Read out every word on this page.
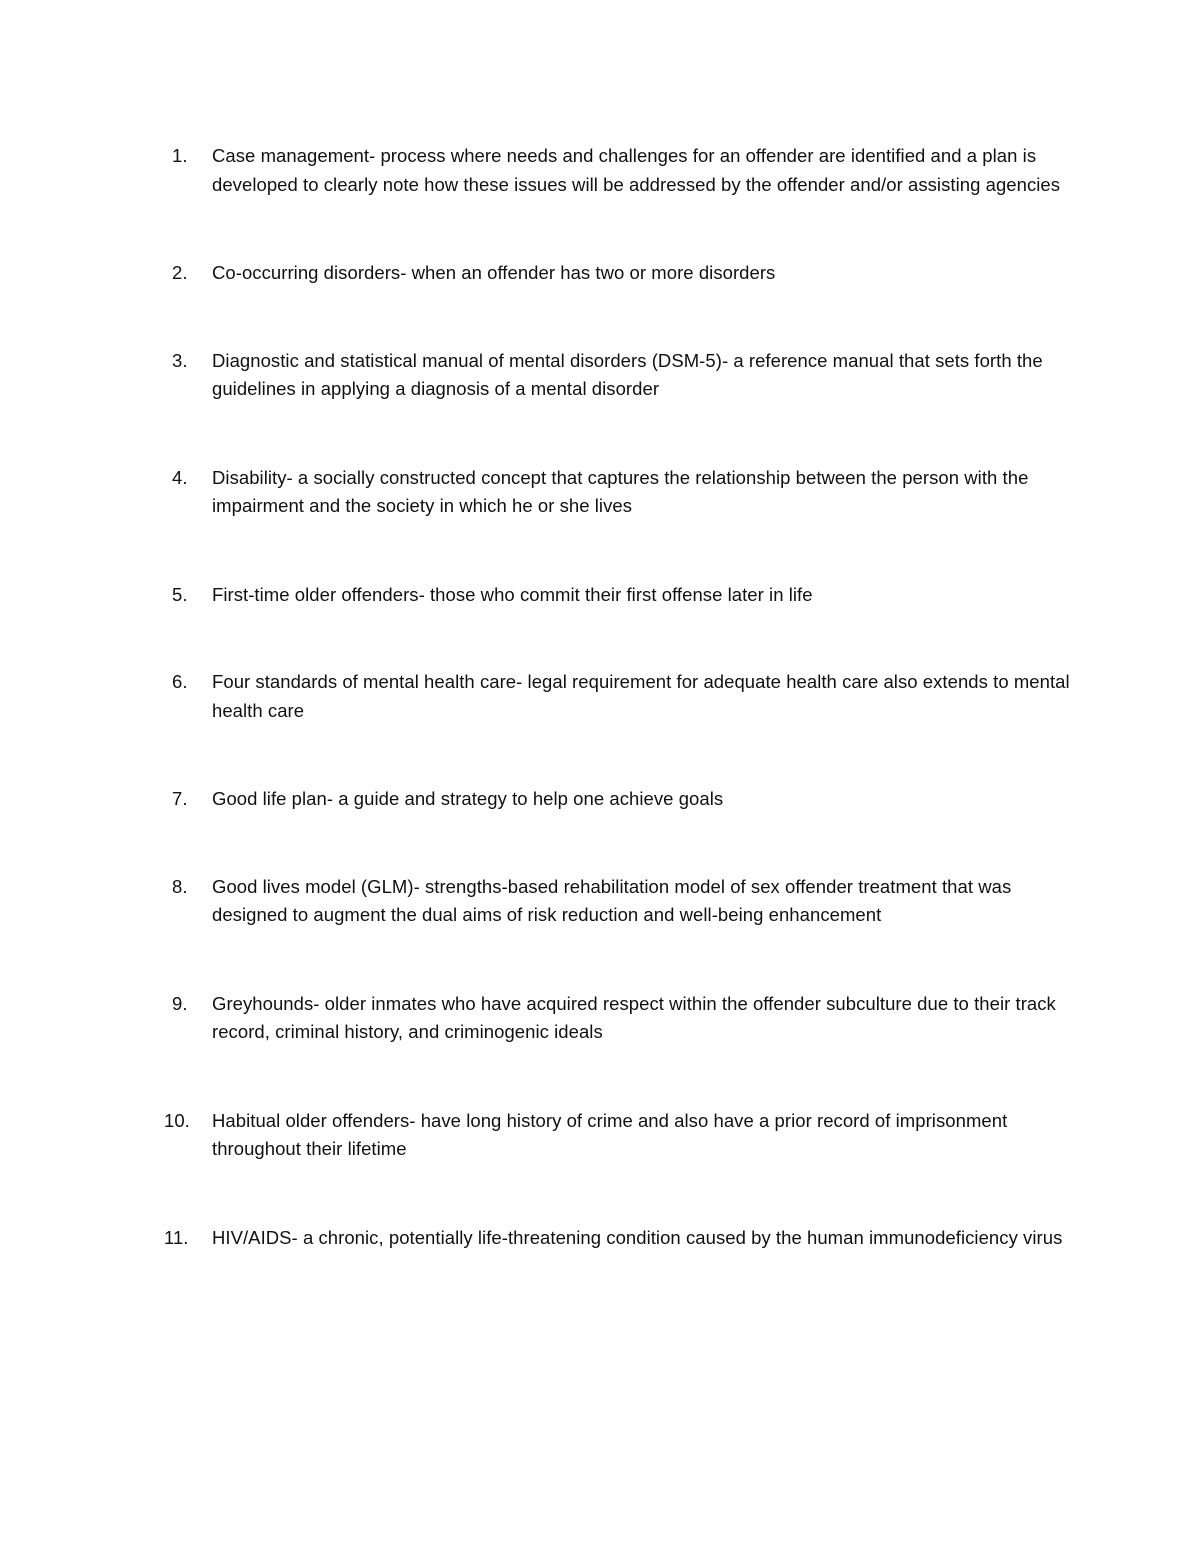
1.	Case management- process where needs and challenges for an offender are identified and a plan is developed to clearly note how these issues will be addressed by the offender and/or assisting agencies
2.	Co-occurring disorders- when an offender has two or more disorders
3.	Diagnostic and statistical manual of mental disorders (DSM-5)- a reference manual that sets forth the guidelines in applying a diagnosis of a mental disorder
4.	Disability- a socially constructed concept that captures the relationship between the person with the impairment and the society in which he or she lives
5.	First-time older offenders- those who commit their first offense later in life
6.	Four standards of mental health care- legal requirement for adequate health care also extends to mental health care
7.	Good life plan- a guide and strategy to help one achieve goals
8.	Good lives model (GLM)- strengths-based rehabilitation model of sex offender treatment that was designed to augment the dual aims of risk reduction and well-being enhancement
9.	Greyhounds- older inmates who have acquired respect within the offender subculture due to their track record, criminal history, and criminogenic ideals
10.	Habitual older offenders- have long history of crime and also have a prior record of imprisonment throughout their lifetime
11.	HIV/AIDS- a chronic, potentially life-threatening condition caused by the human immunodeficiency virus
